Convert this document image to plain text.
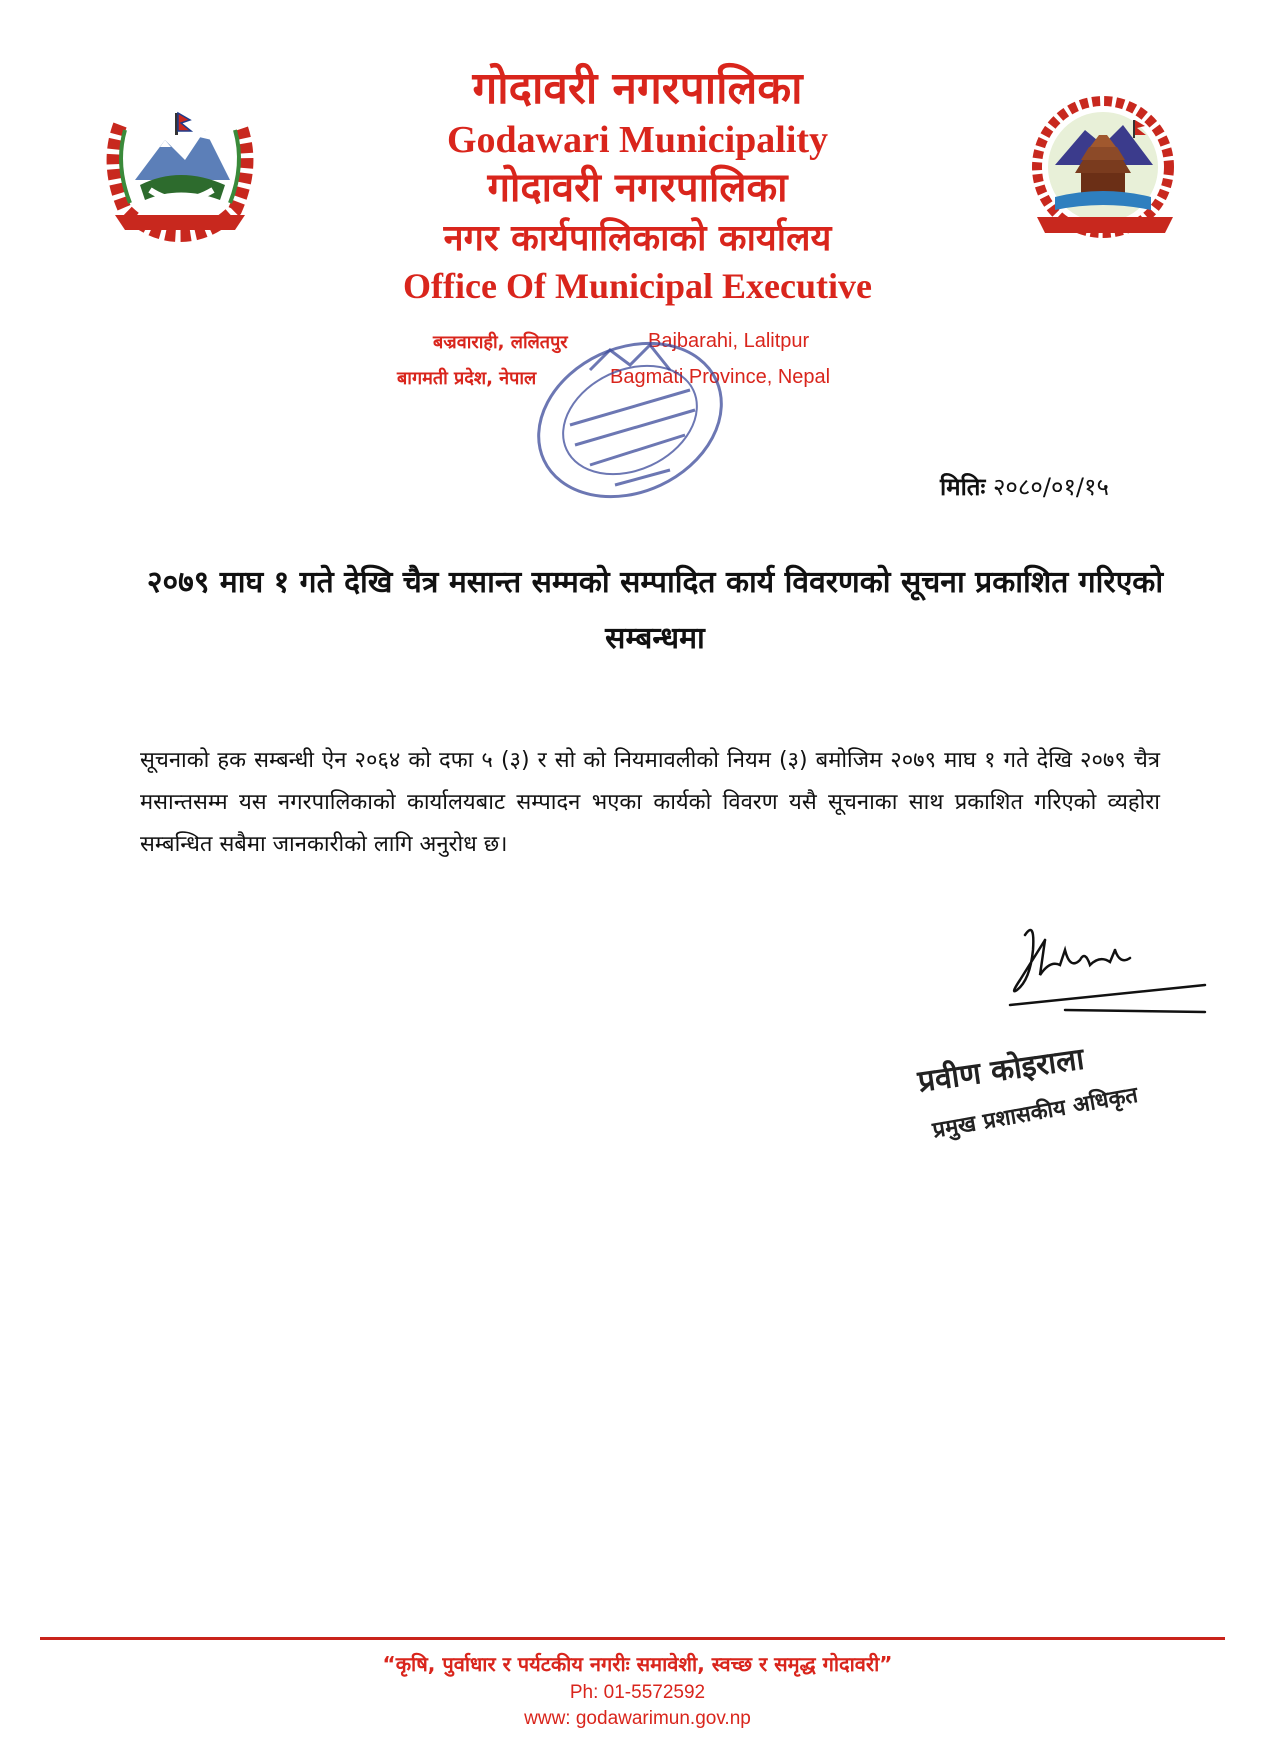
गोदावरी नगरपालिका

Godawari Municipality

गोदावरी नगरपालिका

नगर कार्यपालिकाको कार्यालय

Office Of Municipal Executive

बज्रवाराही, ललितपुर	Bajbarahi, Lalitpur
बागमती प्रदेश, नेपाल	Bagmati Province, Nepal
मितिः २०८०/०१/१५
२०७९ माघ १ गते देखि चैत्र मसान्त सम्मको सम्पादित कार्य विवरणको सूचना प्रकाशित गरिएको सम्बन्धमा
सूचनाको हक सम्बन्धी ऐन २०६४ को दफा ५ (३) र सो को नियमावलीको नियम (३) बमोजिम २०७९ माघ १ गते देखि २०७९ चैत्र मसान्तसम्म यस नगरपालिकाको कार्यालयबाट सम्पादन भएका कार्यको विवरण यसै सूचनाका साथ प्रकाशित गरिएको व्यहोरा सम्बन्धित सबैमा जानकारीको लागि अनुरोध छ।
प्रवीण कोइराला
प्रमुख प्रशासकीय अधिकृत
“कृषि, पुर्वाधार र पर्यटकीय नगरीः समावेशी, स्वच्छ र समृद्ध गोदावरी”
Ph: 01-5572592
www: godawarimun.gov.np
